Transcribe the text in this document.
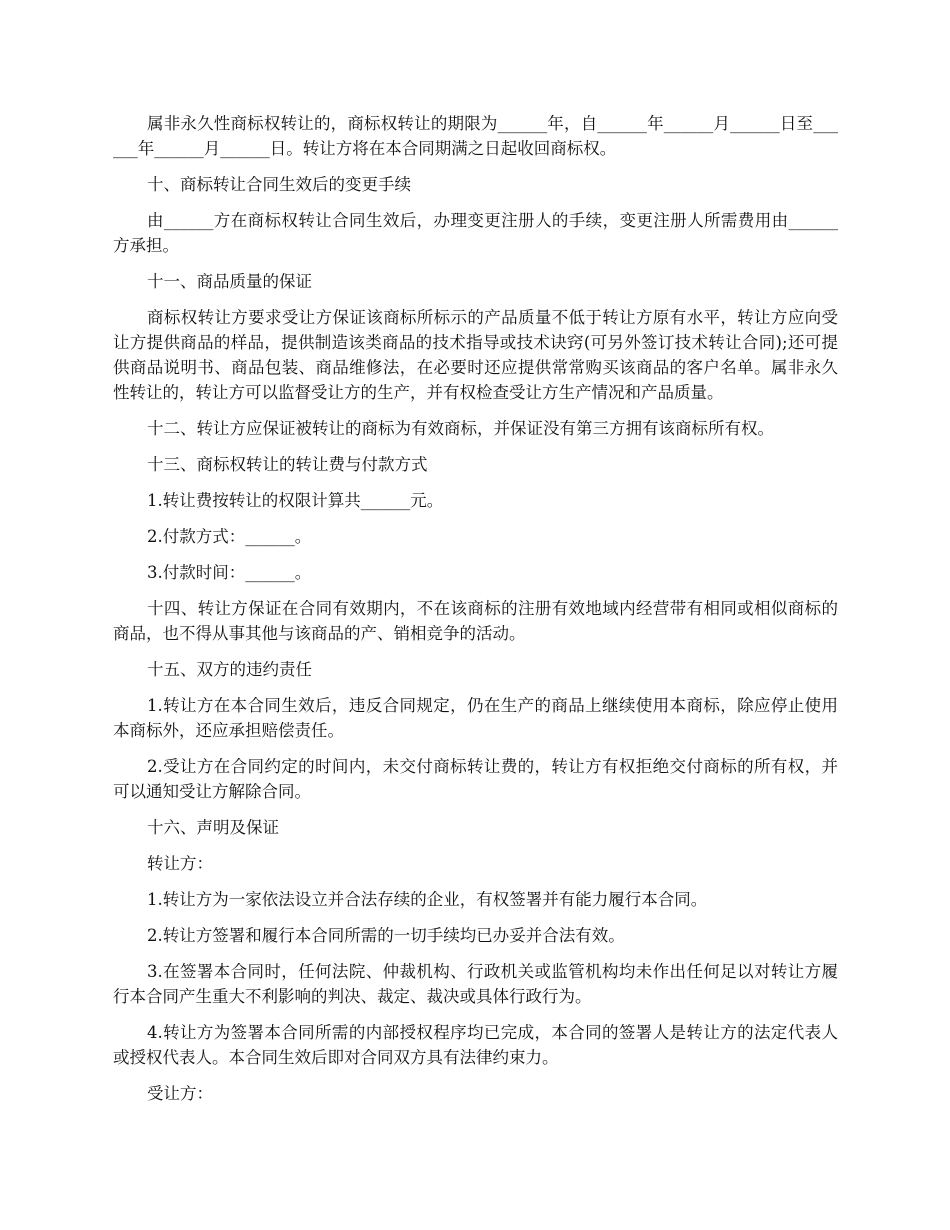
属非永久性商标权转让的，商标权转让的期限为______年，自______年______月______日至______年______月______日。转让方将在本合同期满之日起收回商标权。

十、商标转让合同生效后的变更手续

由______方在商标权转让合同生效后，办理变更注册人的手续，变更注册人所需费用由______方承担。

十一、商品质量的保证

商标权转让方要求受让方保证该商标所标示的产品质量不低于转让方原有水平，转让方应向受让方提供商品的样品，提供制造该类商品的技术指导或技术诀窍(可另外签订技术转让合同);还可提供商品说明书、商品包装、商品维修法，在必要时还应提供常常购买该商品的客户名单。属非永久性转让的，转让方可以监督受让方的生产，并有权检查受让方生产情况和产品质量。

十二、转让方应保证被转让的商标为有效商标，并保证没有第三方拥有该商标所有权。

十三、商标权转让的转让费与付款方式

1.转让费按转让的权限计算共______元。

2.付款方式：______。

3.付款时间：______。

十四、转让方保证在合同有效期内，不在该商标的注册有效地域内经营带有相同或相似商标的商品，也不得从事其他与该商品的产、销相竞争的活动。

十五、双方的违约责任

1.转让方在本合同生效后，违反合同规定，仍在生产的商品上继续使用本商标，除应停止使用本商标外，还应承担赔偿责任。

2.受让方在合同约定的时间内，未交付商标转让费的，转让方有权拒绝交付商标的所有权，并可以通知受让方解除合同。

十六、声明及保证

转让方：

1.转让方为一家依法设立并合法存续的企业，有权签署并有能力履行本合同。

2.转让方签署和履行本合同所需的一切手续均已办妥并合法有效。

3.在签署本合同时，任何法院、仲裁机构、行政机关或监管机构均未作出任何足以对转让方履行本合同产生重大不利影响的判决、裁定、裁决或具体行政行为。

4.转让方为签署本合同所需的内部授权程序均已完成，本合同的签署人是转让方的法定代表人或授权代表人。本合同生效后即对合同双方具有法律约束力。

受让方：
